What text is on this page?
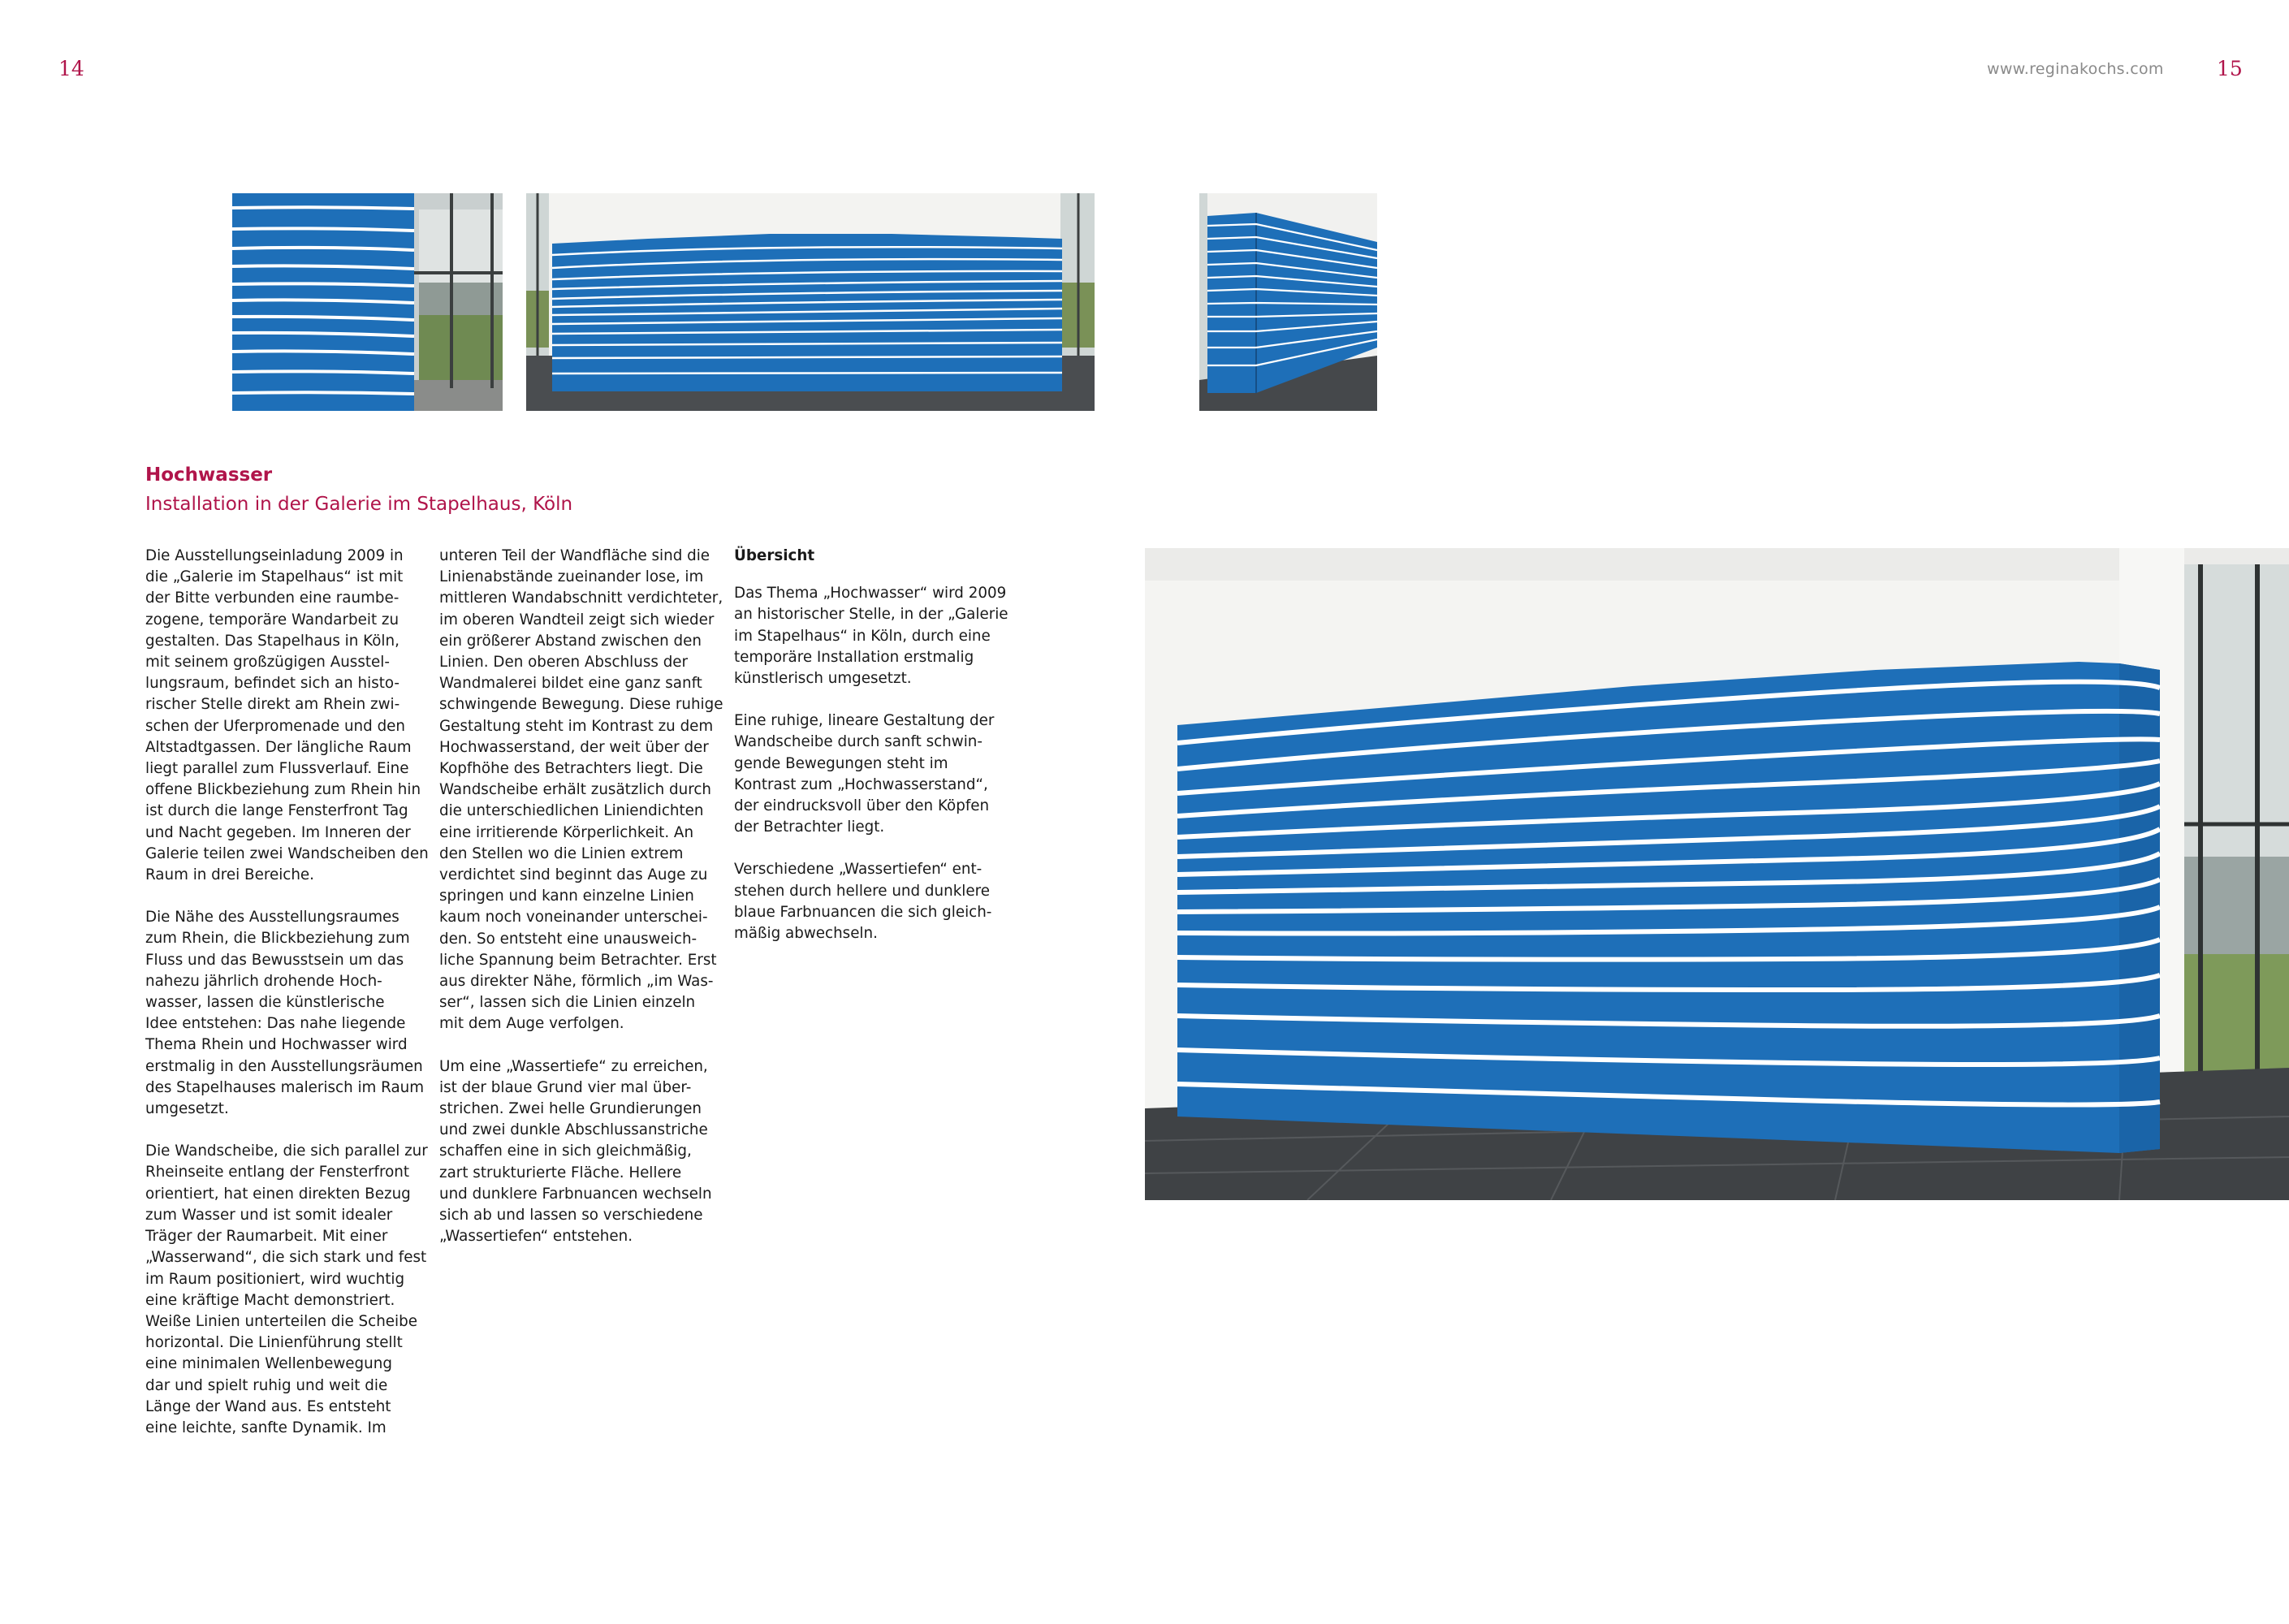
14	www.reginakochs.com	15
Hochwasser
Installation in der Galerie im Stapelhaus, Köln

Die Ausstellungseinladung 2009 in
die „Galerie im Stapelhaus“ ist mit
der Bitte verbunden eine raumbe-
zogene, temporäre Wandarbeit zu
gestalten. Das Stapelhaus in Köln,
mit seinem großzügigen Ausstel-
lungsraum, befindet sich an histo-
rischer Stelle direkt am Rhein zwi-
schen der Uferpromenade und den
Altstadtgassen. Der längliche Raum
liegt parallel zum Flussverlauf. Eine
offene Blickbeziehung zum Rhein hin
ist durch die lange Fensterfront Tag
und Nacht gegeben. Im Inneren der
Galerie teilen zwei Wandscheiben den
Raum in drei Bereiche.

Die Nähe des Ausstellungsraumes
zum Rhein, die Blickbeziehung zum
Fluss und das Bewusstsein um das
nahezu jährlich drohende Hoch-
wasser, lassen die künstlerische
Idee entstehen: Das nahe liegende
Thema Rhein und Hochwasser wird
erstmalig in den Ausstellungsräumen
des Stapelhauses malerisch im Raum
umgesetzt.

Die Wandscheibe, die sich parallel zur
Rheinseite entlang der Fensterfront
orientiert, hat einen direkten Bezug
zum Wasser und ist somit idealer
Träger der Raumarbeit. Mit einer
„Wasserwand“, die sich stark und fest
im Raum positioniert, wird wuchtig
eine kräftige Macht demonstriert.
Weiße Linien unterteilen die Scheibe
horizontal. Die Linienführung stellt
eine minimalen Wellenbewegung
dar und spielt ruhig und weit die
Länge der Wand aus. Es entsteht
eine leichte, sanfte Dynamik. Im

unteren Teil der Wandfläche sind die
Linienabstände zueinander lose, im
mittleren Wandabschnitt verdichteter,
im oberen Wandteil zeigt sich wieder
ein größerer Abstand zwischen den
Linien. Den oberen Abschluss der
Wandmalerei bildet eine ganz sanft
schwingende Bewegung. Diese ruhige
Gestaltung steht im Kontrast zu dem
Hochwasserstand, der weit über der
Kopfhöhe des Betrachters liegt. Die
Wandscheibe erhält zusätzlich durch
die unterschiedlichen Liniendichten
eine irritierende Körperlichkeit. An
den Stellen wo die Linien extrem
verdichtet sind beginnt das Auge zu
springen und kann einzelne Linien
kaum noch voneinander unterschei-
den. So entsteht eine unausweich-
liche Spannung beim Betrachter. Erst
aus direkter Nähe, förmlich „im Was-
ser“, lassen sich die Linien einzeln
mit dem Auge verfolgen.

Um eine „Wassertiefe“ zu erreichen,
ist der blaue Grund vier mal über-
strichen. Zwei helle Grundierungen
und zwei dunkle Abschlussanstriche
schaffen eine in sich gleichmäßig,
zart strukturierte Fläche. Hellere
und dunklere Farbnuancen wechseln
sich ab und lassen so verschiedene
„Wassertiefen“ entstehen.

Übersicht

Das Thema „Hochwasser“ wird 2009
an historischer Stelle, in der „Galerie
im Stapelhaus“ in Köln, durch eine
temporäre Installation erstmalig
künstlerisch umgesetzt.

Eine ruhige, lineare Gestaltung der
Wandscheibe durch sanft schwin-
gende Bewegungen steht im
Kontrast zum „Hochwasserstand“,
der eindrucksvoll über den Köpfen
der Betrachter liegt.

Verschiedene „Wassertiefen“ ent-
stehen durch hellere und dunklere
blaue Farbnuancen die sich gleich-
mäßig abwechseln.
